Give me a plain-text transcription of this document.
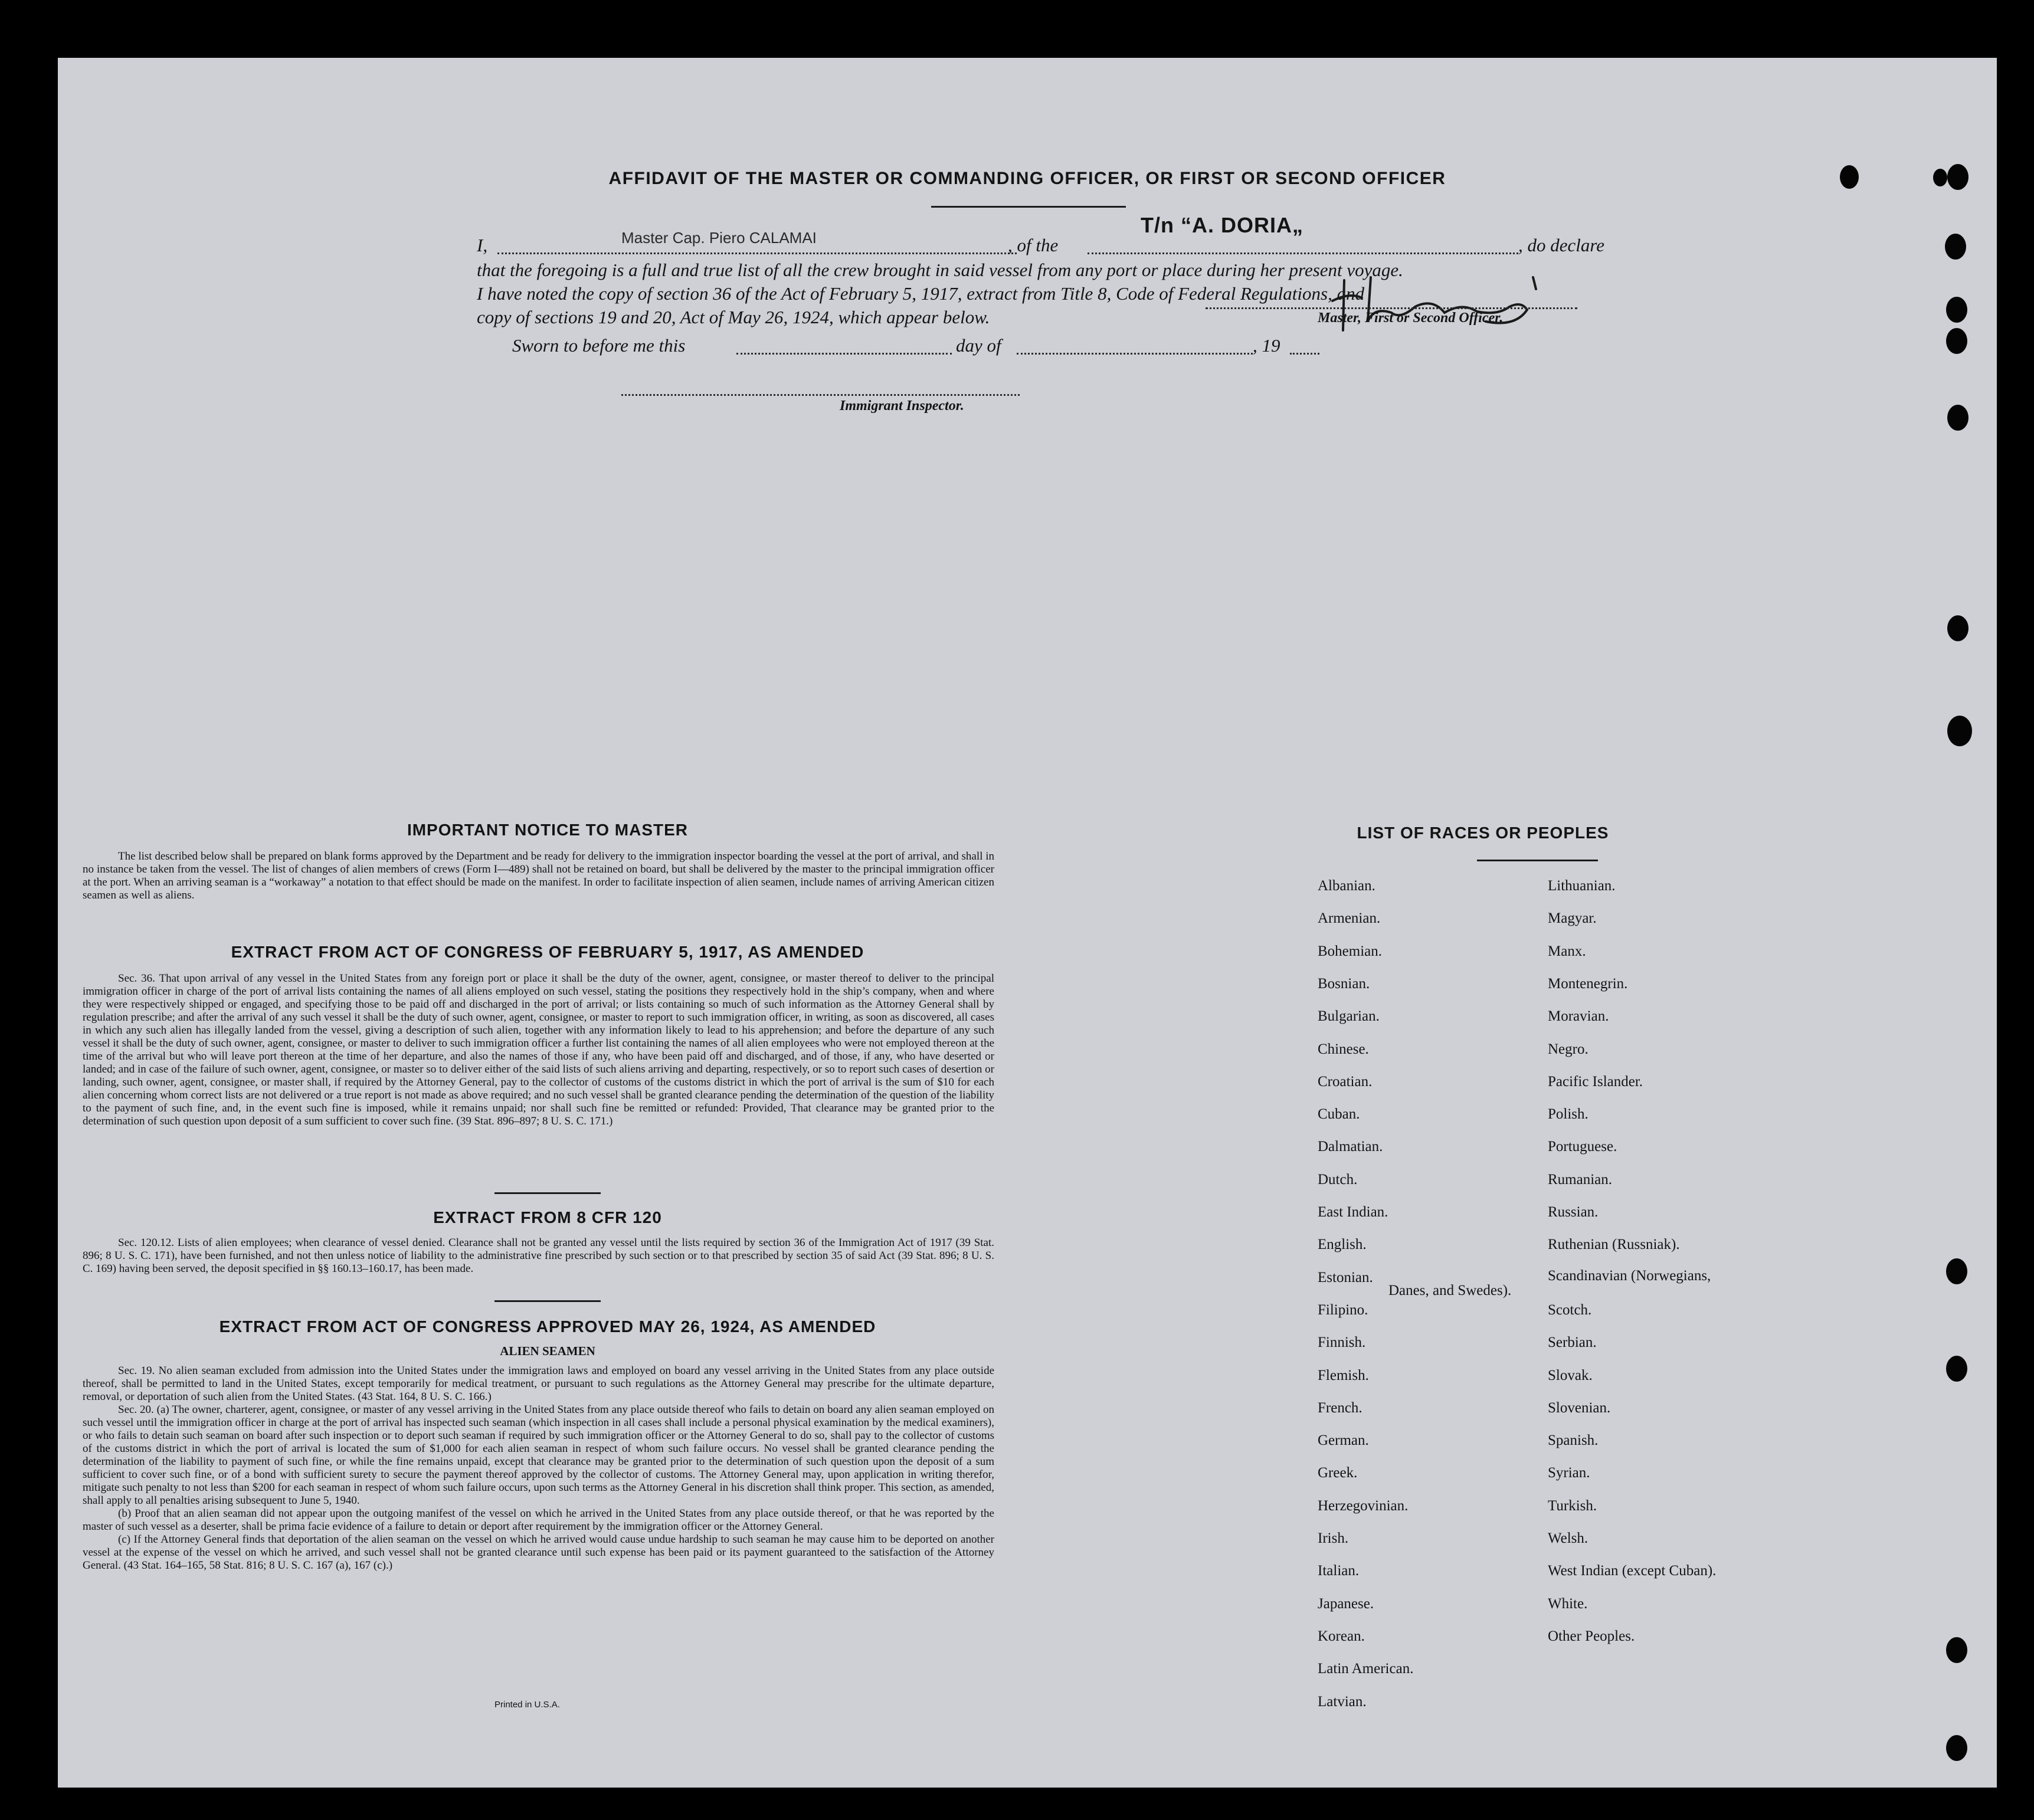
AFFIDAVIT OF THE MASTER OR COMMANDING OFFICER, OR FIRST OR SECOND OFFICER
I,	Master Cap. Piero CALAMAI	, of the
T/n “A. DORIA„
, do declare
that the foregoing is a full and true list of all the crew brought in said vessel from any port or place during her present voyage.
I have noted the copy of section 36 of the Act of February 5, 1917, extract from Title 8, Code of Federal Regulations, and
copy of sections 19 and 20, Act of May 26, 1924, which appear below.	Master, First or Second Officer.
Sworn to before me this	day of	, 19
Immigrant Inspector.
IMPORTANT NOTICE TO MASTER

The list described below shall be prepared on blank forms approved by the Department and be ready for delivery to the immigration inspector boarding the vessel at the port of arrival, and shall in no instance be taken from the vessel. The list of changes of alien members of crews (Form I—489) shall not be retained on board, but shall be delivered by the master to the principal immigration officer at the port. When an arriving seaman is a “workaway” a notation to that effect should be made on the manifest. In order to facilitate inspection of alien seamen, include names of arriving American citizen seamen as well as aliens.

EXTRACT FROM ACT OF CONGRESS OF FEBRUARY 5, 1917, AS AMENDED

Sec. 36. That upon arrival of any vessel in the United States from any foreign port or place it shall be the duty of the owner, agent, consignee, or master thereof to deliver to the principal immigration officer in charge of the port of arrival lists containing the names of all aliens employed on such vessel, stating the positions they respectively hold in the ship’s company, when and where they were respectively shipped or engaged, and specifying those to be paid off and discharged in the port of arrival; or lists containing so much of such information as the Attorney General shall by regulation prescribe; and after the arrival of any such vessel it shall be the duty of such owner, agent, consignee, or master to report to such immigration officer, in writing, as soon as discovered, all cases in which any such alien has illegally landed from the vessel, giving a description of such alien, together with any information likely to lead to his apprehension; and before the departure of any such vessel it shall be the duty of such owner, agent, consignee, or master to deliver to such immigration officer a further list containing the names of all alien employees who were not employed thereon at the time of the arrival but who will leave port thereon at the time of her departure, and also the names of those if any, who have been paid off and discharged, and of those, if any, who have deserted or landed; and in case of the failure of such owner, agent, consignee, or master so to deliver either of the said lists of such aliens arriving and departing, respectively, or so to report such cases of desertion or landing, such owner, agent, consignee, or master shall, if required by the Attorney General, pay to the collector of customs of the customs district in which the port of arrival is the sum of $10 for each alien concerning whom correct lists are not delivered or a true report is not made as above required; and no such vessel shall be granted clearance pending the determination of the question of the liability to the payment of such fine, and, in the event such fine is imposed, while it remains unpaid; nor shall such fine be remitted or refunded: Provided, That clearance may be granted prior to the determination of such question upon deposit of a sum sufficient to cover such fine. (39 Stat. 896–897; 8 U. S. C. 171.)

EXTRACT FROM 8 CFR 120

Sec. 120.12. Lists of alien employees; when clearance of vessel denied. Clearance shall not be granted any vessel until the lists required by section 36 of the Immigration Act of 1917 (39 Stat. 896; 8 U. S. C. 171), have been furnished, and not then unless notice of liability to the administrative fine prescribed by such section or to that prescribed by section 35 of said Act (39 Stat. 896; 8 U. S. C. 169) having been served, the deposit specified in §§ 160.13–160.17, has been made.

EXTRACT FROM ACT OF CONGRESS APPROVED MAY 26, 1924, AS AMENDED
ALIEN SEAMEN

Sec. 19. No alien seaman excluded from admission into the United States under the immigration laws and employed on board any vessel arriving in the United States from any place outside thereof, shall be permitted to land in the United States, except temporarily for medical treatment, or pursuant to such regulations as the Attorney General may prescribe for the ultimate departure, removal, or deportation of such alien from the United States. (43 Stat. 164, 8 U. S. C. 166.)

Sec. 20. (a) The owner, charterer, agent, consignee, or master of any vessel arriving in the United States from any place outside thereof who fails to detain on board any alien seaman employed on such vessel until the immigration officer in charge at the port of arrival has inspected such seaman (which inspection in all cases shall include a personal physical examination by the medical examiners), or who fails to detain such seaman on board after such inspection or to deport such seaman if required by such immigration officer or the Attorney General to do so, shall pay to the collector of customs of the customs district in which the port of arrival is located the sum of $1,000 for each alien seaman in respect of whom such failure occurs. No vessel shall be granted clearance pending the determination of the liability to payment of such fine, or while the fine remains unpaid, except that clearance may be granted prior to the determination of such question upon the deposit of a sum sufficient to cover such fine, or of a bond with sufficient surety to secure the payment thereof approved by the collector of customs. The Attorney General may, upon application in writing therefor, mitigate such penalty to not less than $200 for each seaman in respect of whom such failure occurs, upon such terms as the Attorney General in his discretion shall think proper. This section, as amended, shall apply to all penalties arising subsequent to June 5, 1940.

(b) Proof that an alien seaman did not appear upon the outgoing manifest of the vessel on which he arrived in the United States from any place outside thereof, or that he was reported by the master of such vessel as a deserter, shall be prima facie evidence of a failure to detain or deport after requirement by the immigration officer or the Attorney General.

(c) If the Attorney General finds that deportation of the alien seaman on the vessel on which he arrived would cause undue hardship to such seaman he may cause him to be deported on another vessel at the expense of the vessel on which he arrived, and such vessel shall not be granted clearance until such expense has been paid or its payment guaranteed to the satisfaction of the Attorney General. (43 Stat. 164–165, 58 Stat. 816; 8 U. S. C. 167 (a), 167 (c).)

Printed in U.S.A.
LIST OF RACES OR PEOPLES
Albanian.
Armenian.
Bohemian.
Bosnian.
Bulgarian.
Chinese.
Croatian.
Cuban.
Dalmatian.
Dutch.
East Indian.
English.
Estonian.
Filipino.
Finnish.
Flemish.
French.
German.
Greek.
Herzegovinian.
Irish.
Italian.
Japanese.
Korean.
Latin American.
Latvian.
Lithuanian.
Magyar.
Manx.
Montenegrin.
Moravian.
Negro.
Pacific Islander.
Polish.
Portuguese.
Rumanian.
Russian.
Ruthenian (Russniak).
Scandinavian (Norwegians,
Danes, and Swedes).
Scotch.
Serbian.
Slovak.
Slovenian.
Spanish.
Syrian.
Turkish.
Welsh.
West Indian (except Cuban).
White.
Other Peoples.
